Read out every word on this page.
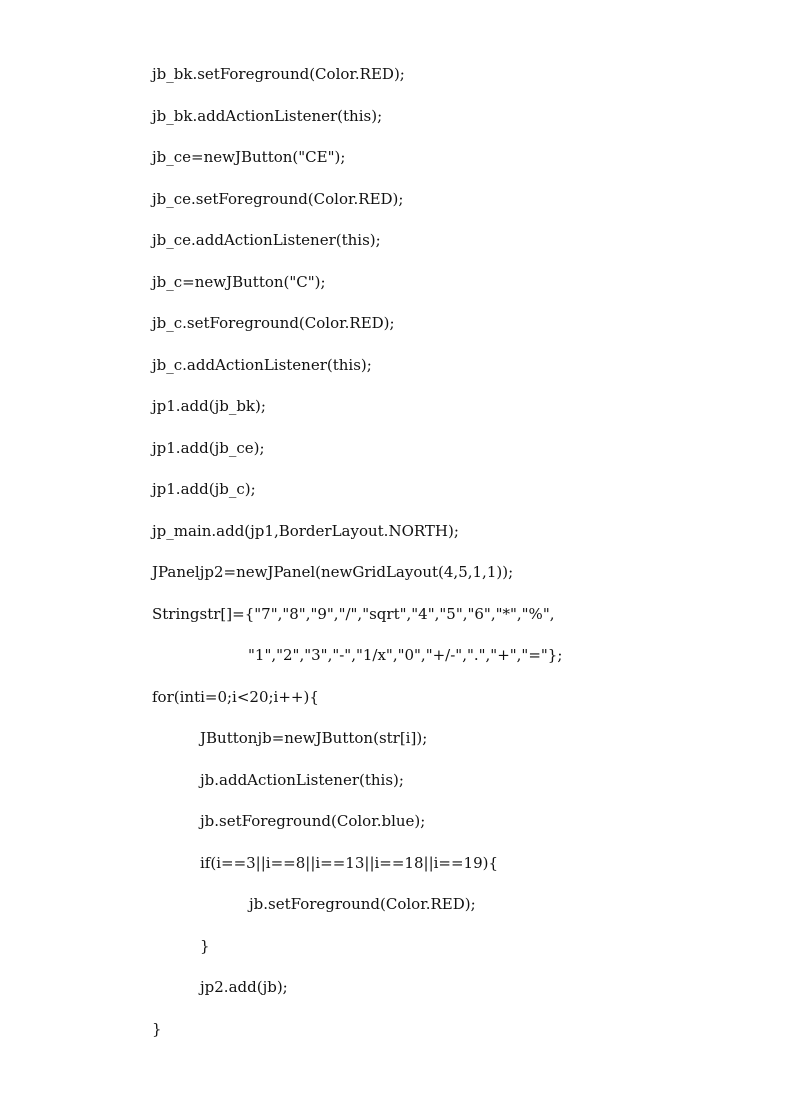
jb_bk.setForeground(Color.RED);
jb_bk.addActionListener(this);
jb_ce=newJButton("CE");
jb_ce.setForeground(Color.RED);
jb_ce.addActionListener(this);
jb_c=newJButton("C");
jb_c.setForeground(Color.RED);
jb_c.addActionListener(this);
jp1.add(jb_bk);
jp1.add(jb_ce);
jp1.add(jb_c);
jp_main.add(jp1,BorderLayout.NORTH);
JPaneljp2=newJPanel(newGridLayout(4,5,1,1));
Stringstr[]={"7","8","9","/","sqrt","4","5","6","*","%",
"1","2","3","-","1/x","0","+/-",".","+","="};
for(inti=0;i<20;i++){
JButtonjb=newJButton(str[i]);
jb.addActionListener(this);
jb.setForeground(Color.blue);
if(i==3||i==8||i==13||i==18||i==19){
jb.setForeground(Color.RED);
}
jp2.add(jb);
}
